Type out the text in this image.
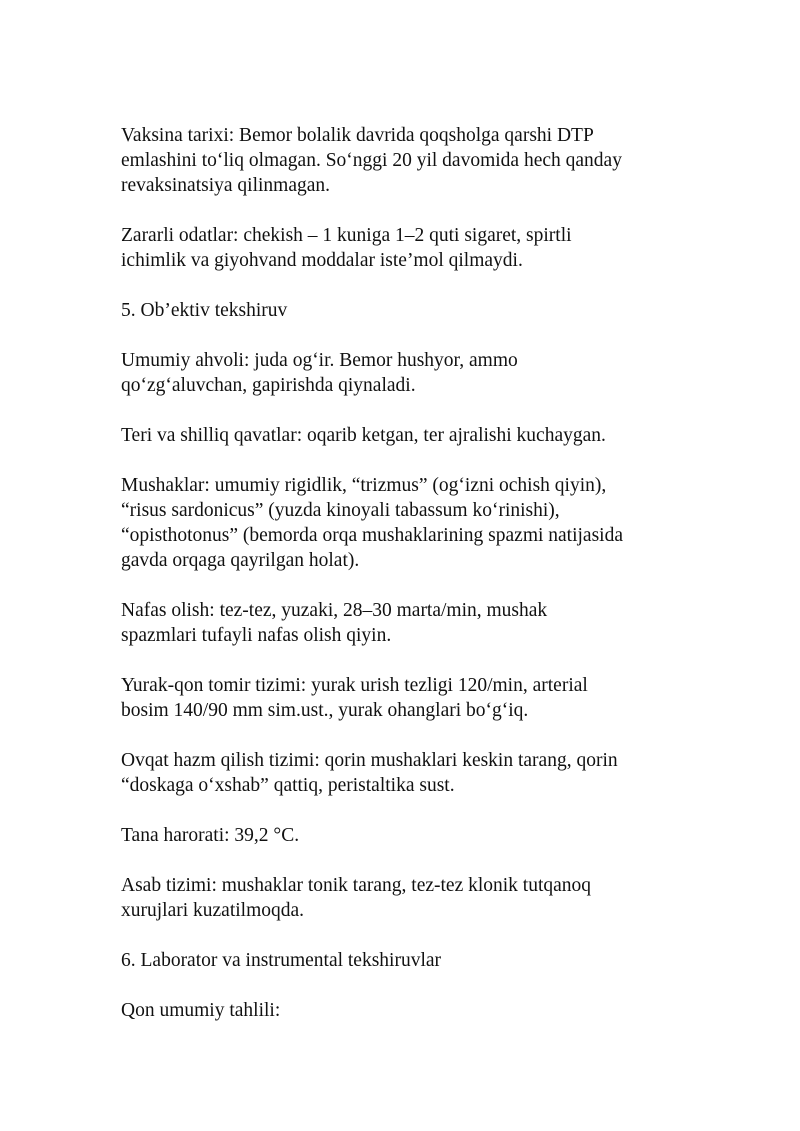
Vaksina tarixi: Bemor bolalik davrida qoqsholga qarshi DTP
emlashini to‘liq olmagan. So‘nggi 20 yil davomida hech qanday
revaksinatsiya qilinmagan.

Zararli odatlar: chekish – 1 kuniga 1–2 quti sigaret, spirtli
ichimlik va giyohvand moddalar iste’mol qilmaydi.

5. Ob’ektiv tekshiruv

Umumiy ahvoli: juda og‘ir. Bemor hushyor, ammo
qo‘zg‘aluvchan, gapirishda qiynaladi.

Teri va shilliq qavatlar: oqarib ketgan, ter ajralishi kuchaygan.

Mushaklar: umumiy rigidlik, “trizmus” (og‘izni ochish qiyin),
“risus sardonicus” (yuzda kinoyali tabassum ko‘rinishi),
“opisthotonus” (bemorda orqa mushaklarining spazmi natijasida
gavda orqaga qayrilgan holat).

Nafas olish: tez-tez, yuzaki, 28–30 marta/min, mushak
spazmlari tufayli nafas olish qiyin.

Yurak-qon tomir tizimi: yurak urish tezligi 120/min, arterial
bosim 140/90 mm sim.ust., yurak ohanglari bo‘g‘iq.

Ovqat hazm qilish tizimi: qorin mushaklari keskin tarang, qorin
“doskaga o‘xshab” qattiq, peristaltika sust.

Tana harorati: 39,2 °C.

Asab tizimi: mushaklar tonik tarang, tez-tez klonik tutqanoq
xurujlari kuzatilmoqda.

6. Laborator va instrumental tekshiruvlar

Qon umumiy tahlili:
